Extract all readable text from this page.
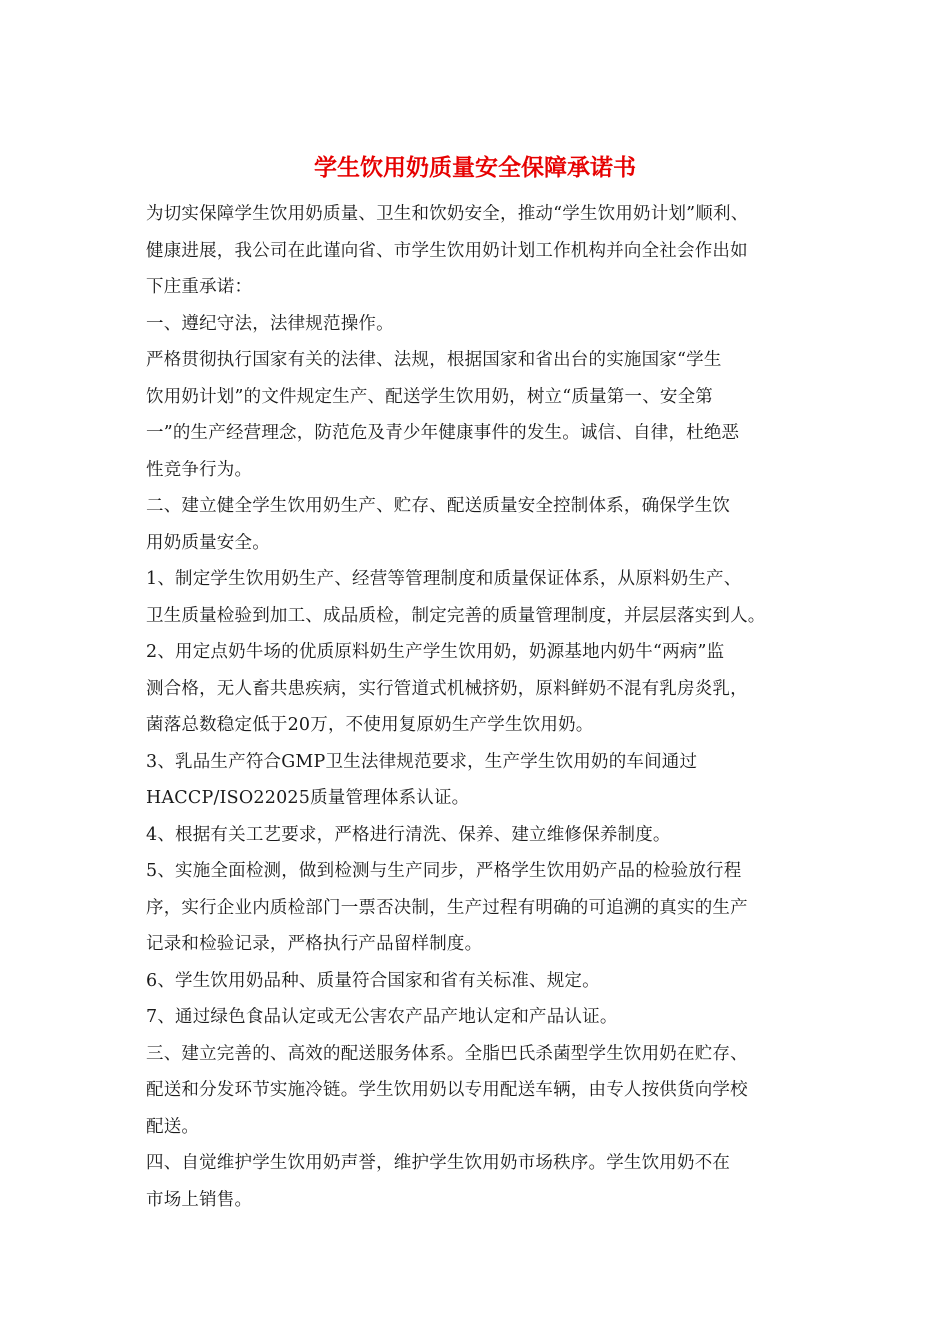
学生饮用奶质量安全保障承诺书
为切实保障学生饮用奶质量、卫生和饮奶安全，推动“学生饮用奶计划”顺利、
健康进展，我公司在此谨向省、市学生饮用奶计划工作机构并向全社会作出如
下庄重承诺：
一、遵纪守法，法律规范操作。
严格贯彻执行国家有关的法律、法规，根据国家和省出台的实施国家“学生
饮用奶计划”的文件规定生产、配送学生饮用奶，树立“质量第一、安全第
一”的生产经营理念，防范危及青少年健康事件的发生。诚信、自律，杜绝恶
性竞争行为。
二、建立健全学生饮用奶生产、贮存、配送质量安全控制体系，确保学生饮
用奶质量安全。
1、制定学生饮用奶生产、经营等管理制度和质量保证体系，从原料奶生产、
卫生质量检验到加工、成品质检，制定完善的质量管理制度，并层层落实到人。
2、用定点奶牛场的优质原料奶生产学生饮用奶，奶源基地内奶牛“两病”监
测合格，无人畜共患疾病，实行管道式机械挤奶，原料鲜奶不混有乳房炎乳，
菌落总数稳定低于20万，不使用复原奶生产学生饮用奶。
3、乳品生产符合GMP卫生法律规范要求，生产学生饮用奶的车间通过
HACCP/ISO22025质量管理体系认证。
4、根据有关工艺要求，严格进行清洗、保养、建立维修保养制度。
5、实施全面检测，做到检测与生产同步，严格学生饮用奶产品的检验放行程
序，实行企业内质检部门一票否决制，生产过程有明确的可追溯的真实的生产
记录和检验记录，严格执行产品留样制度。
6、学生饮用奶品种、质量符合国家和省有关标准、规定。
7、通过绿色食品认定或无公害农产品产地认定和产品认证。
三、建立完善的、高效的配送服务体系。全脂巴氏杀菌型学生饮用奶在贮存、
配送和分发环节实施冷链。学生饮用奶以专用配送车辆，由专人按供货向学校
配送。
四、自觉维护学生饮用奶声誉，维护学生饮用奶市场秩序。学生饮用奶不在
市场上销售。
